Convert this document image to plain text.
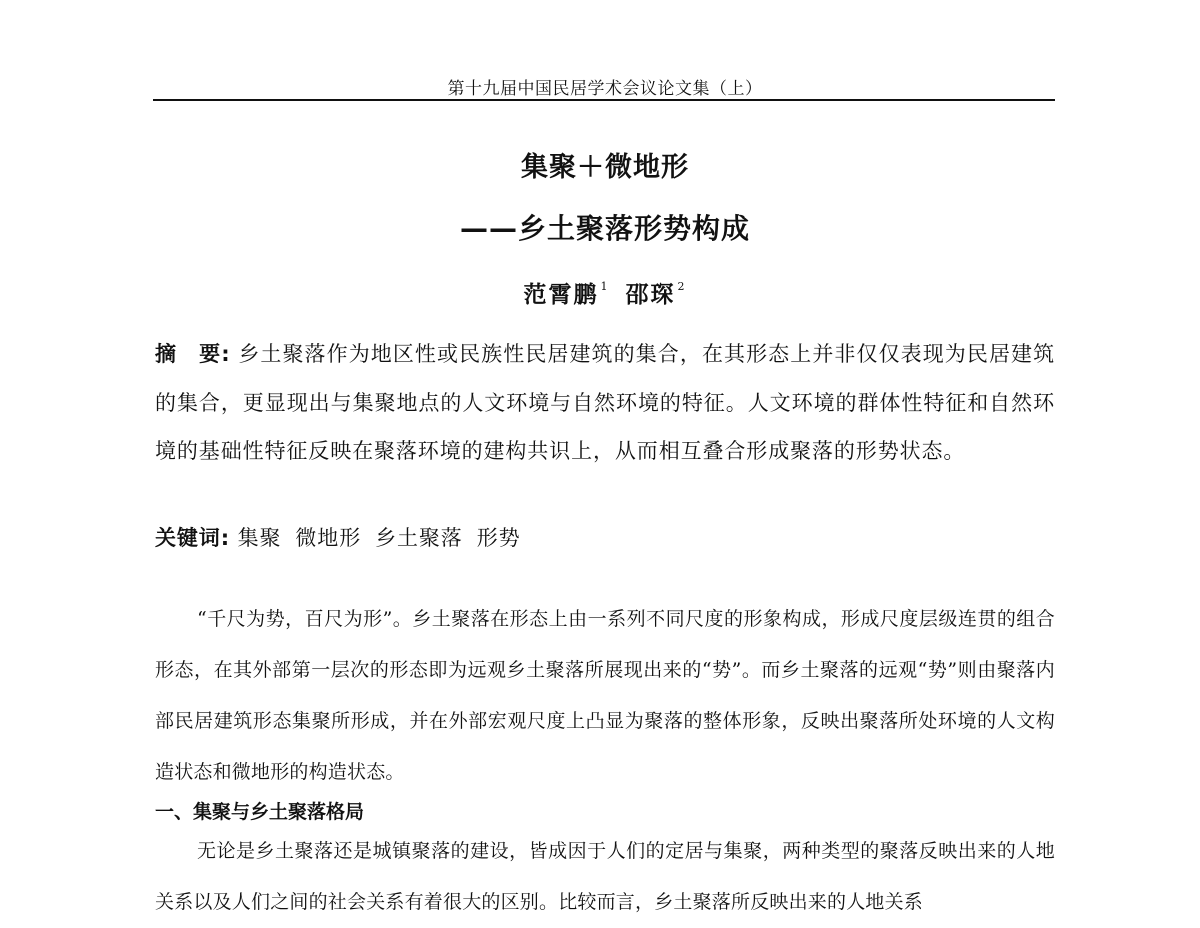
第十九届中国民居学术会议论文集（上）
集聚＋微地形
——乡土聚落形势构成
范霄鹏 $^1$ 邵琛 $^2$
摘　要: 乡土聚落作为地区性或民族性民居建筑的集合，在其形态上并非仅仅表现为民居建筑的集合，更显现出与集聚地点的人文环境与自然环境的特征。人文环境的群体性特征和自然环境的基础性特征反映在聚落环境的建构共识上，从而相互叠合形成聚落的形势状态。
关键词: 集聚 微地形 乡土聚落 形势
“千尺为势，百尺为形”。乡土聚落在形态上由一系列不同尺度的形象构成，形成尺度层级连贯的组合形态，在其外部第一层次的形态即为远观乡土聚落所展现出来的“势”。而乡土聚落的远观“势”则由聚落内部民居建筑形态集聚所形成，并在外部宏观尺度上凸显为聚落的整体形象，反映出聚落所处环境的人文构造状态和微地形的构造状态。
一、集聚与乡土聚落格局
无论是乡土聚落还是城镇聚落的建设，皆成因于人们的定居与集聚，两种类型的聚落反映出来的人地关系以及人们之间的社会关系有着很大的区别。比较而言，乡土聚落所反映出来的人地关系
